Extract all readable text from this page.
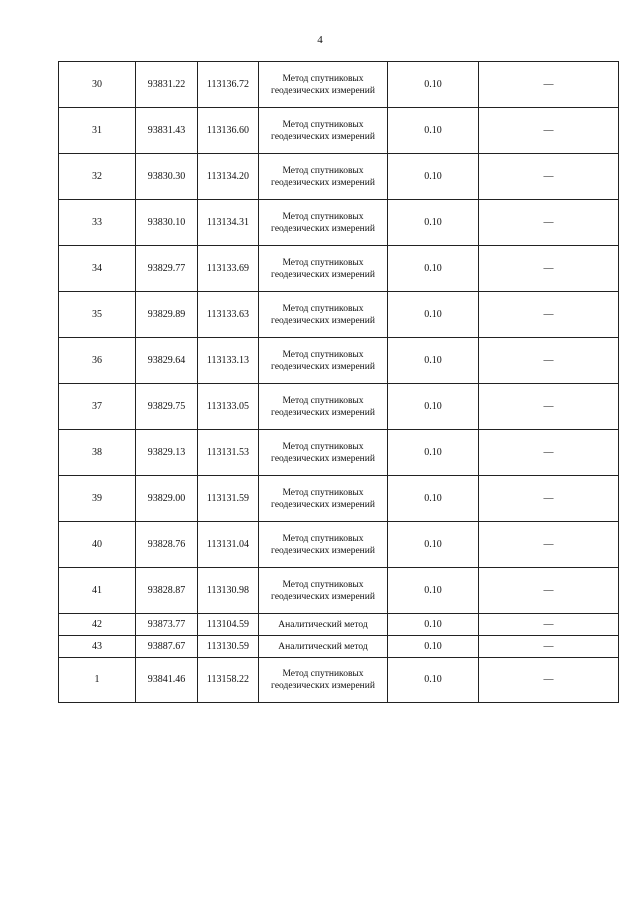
4
30	93831.22	113136.72	Метод спутниковых геодезических измерений	0.10	—
31	93831.43	113136.60	Метод спутниковых геодезических измерений	0.10	—
32	93830.30	113134.20	Метод спутниковых геодезических измерений	0.10	—
33	93830.10	113134.31	Метод спутниковых геодезических измерений	0.10	—
34	93829.77	113133.69	Метод спутниковых геодезических измерений	0.10	—
35	93829.89	113133.63	Метод спутниковых геодезических измерений	0.10	—
36	93829.64	113133.13	Метод спутниковых геодезических измерений	0.10	—
37	93829.75	113133.05	Метод спутниковых геодезических измерений	0.10	—
38	93829.13	113131.53	Метод спутниковых геодезических измерений	0.10	—
39	93829.00	113131.59	Метод спутниковых геодезических измерений	0.10	—
40	93828.76	113131.04	Метод спутниковых геодезических измерений	0.10	—
41	93828.87	113130.98	Метод спутниковых геодезических измерений	0.10	—
42	93873.77	113104.59	Аналитический метод	0.10	—
43	93887.67	113130.59	Аналитический метод	0.10	—
1	93841.46	113158.22	Метод спутниковых геодезических измерений	0.10	—
